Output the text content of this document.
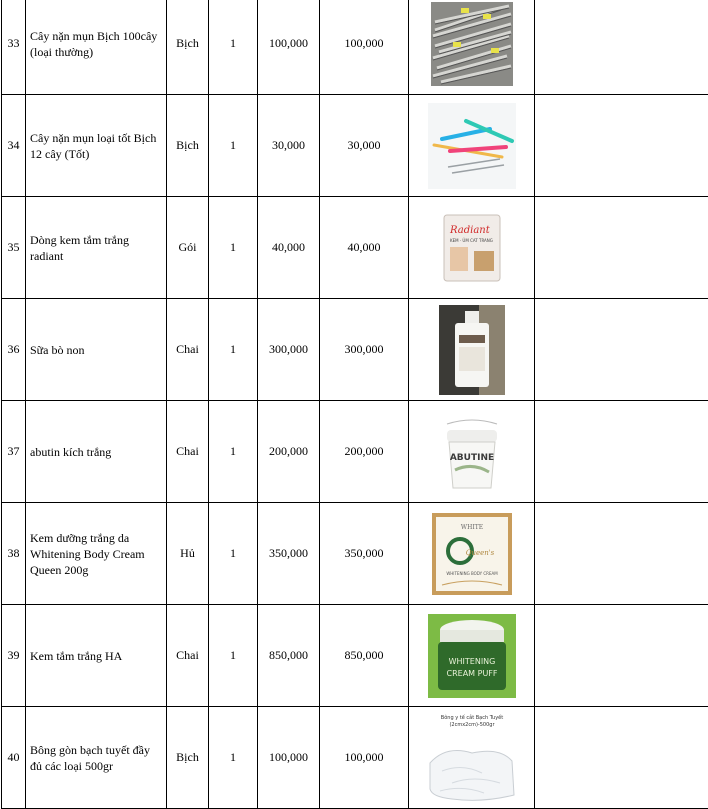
33	Cây nặn mụn Bịch 100cây (loại thường)	Bịch	1	100,000	100,000	

34	Cây nặn mụn loại tốt Bịch 12 cây (Tốt)	Bịch	1	30,000	30,000	

35	Dòng kem tắm trắng radiant	Gói	1	40,000	40,000	Radiant
KEM · ỦM CAT TRANG	

36	Sữa bò non	Chai	1	300,000	300,000	

37	abutin kích trắng	Chai	1	200,000	200,000	ABUTINE	

38	Kem dưỡng trắng da Whitening Body Cream Queen 200g	Hủ	1	350,000	350,000	WHITE
Queen's
WHITENING BODY CREAM	

39	Kem tắm trắng HA	Chai	1	850,000	850,000	WHITENING
CREAM PUFF	

40	Bông gòn bạch tuyết đầy đủ các loại 500gr	Bịch	1	100,000	100,000	Bông y tế cắt Bạch Tuyết
(2cmx2cm)-500gr	
